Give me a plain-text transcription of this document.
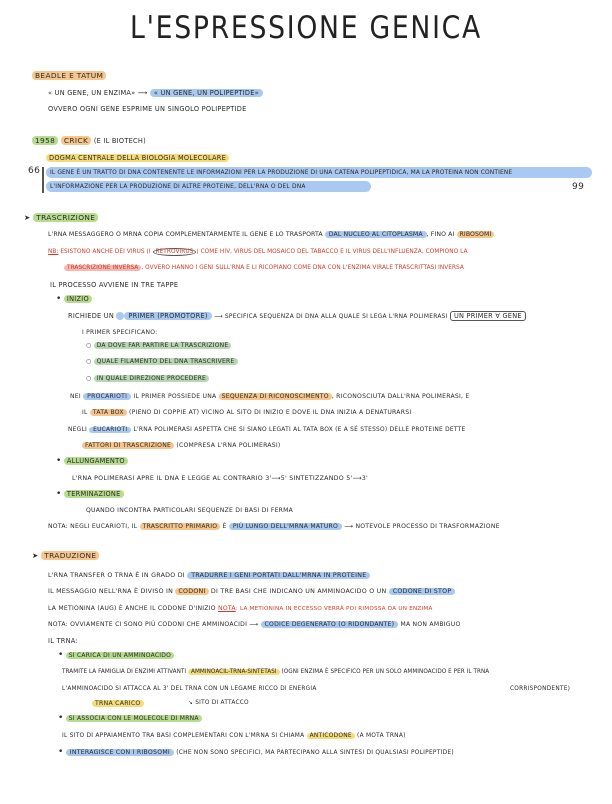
L'ESPRESSIONE GENICA
BEADLE E TATUM
« UN GENE, UN ENZIMA» ⟶ « UN GENE, UN POLIPEPTIDE»
OVVERO OGNI GENE ESPRIME UN SINGOLO POLIPEPTIDE
1958 CRICK (E IL BIOTECH)
DOGMA CENTRALE DELLA BIOLOGIA MOLECOLARE
66 IL GENE È UN TRATTO DI DNA CONTENENTE LE INFORMAZIONI PER LA PRODUZIONE DI UNA CATENA POLIPEPTIDICA, MA LA PROTEINA NON CONTIENE
L'INFORMAZIONE PER LA PRODUZIONE DI ALTRE PROTEINE, DELL'RNA O DEL DNA	99
➤ TRASCRIZIONE
L'RNA MESSAGGERO O MRNA COPIA COMPLEMENTARMENTE IL GENE E LO TRASPORTA DAL NUCLEO AL CITOPLASMA , FINO AI RIBOSOMI
NB: ESISTONO ANCHE DEI VIRUS (I RETROVIRUS ) COME HIV, VIRUS DEL MOSAICO DEL TABACCO E IL VIRUS DELL'INFLUENZA, COMPIONO LA
TRASCRIZIONE INVERSA , OVVERO HANNO I GENI SULL'RNA E LI RICOPIANO COME DNA CON L'ENZIMA VIRALE TRASCRITTASI INVERSA
IL PROCESSO AVVIENE IN TRE TAPPE
• INIZIO
RICHIEDE UN PRIMER (PROMOTORE) ⟶ SPECIFICA SEQUENZA DI DNA ALLA QUALE SI LEGA L'RNA POLIMERASI UN PRIMER ∀ GENE
I PRIMER SPECIFICANO:
○ DA DOVE FAR PARTIRE LA TRASCRIZIONE
○ QUALE FILAMENTO DEL DNA TRASCRIVERE
○ IN QUALE DIREZIONE PROCEDERE
NEI PROCARIOTI IL PRIMER POSSIEDE UNA SEQUENZA DI RICONOSCIMENTO , RICONOSCIUTA DALL'RNA POLIMERASI, E
IL TATA BOX (PIENO DI COPPIE AT) VICINO AL SITO DI INIZIO E DOVE IL DNA INIZIA A DENATURARSI
NEGLI EUCARIOTI L'RNA POLIMERASI ASPETTA CHE SI SIANO LEGATI AL TATA BOX (E A SÉ STESSO) DELLE PROTEINE DETTE
FATTORI DI TRASCRIZIONE (COMPRESA L'RNA POLIMERASI)
• ALLUNGAMENTO
L'RNA POLIMERASI APRE IL DNA E LEGGE AL CONTRARIO 3'⟶5' SINTETIZZANDO 5'⟶3'
• TERMINAZIONE
QUANDO INCONTRA PARTICOLARI SEQUENZE DI BASI DI FERMA
NOTA: NEGLI EUCARIOTI, IL TRASCRITTO PRIMARIO È PIÙ LUNGO DELL'MRNA MATURO ⟶ NOTEVOLE PROCESSO DI TRASFORMAZIONE
➤ TRADUZIONE
L'RNA TRANSFER O TRNA È IN GRADO DI TRADURRE I GENI PORTATI DALL'MRNA IN PROTEINE
IL MESSAGGIO NELL'RNA È DIVISO IN CODONI DI TRE BASI CHE INDICANO UN AMMINOACIDO O UN CODONE DI STOP
LA METIONINA (AUG) È ANCHE IL CODONE D'INIZIO NOTA: LA METIONINA IN ECCESSO VERRÀ POI RIMOSSA DA UN ENZIMA
NOTA: OVVIAMENTE CI SONO PIÙ CODONI CHE AMMINOACIDI ⟶ CODICE DEGENERATO (O RIDONDANTE) MA NON AMBIGUO
IL TRNA:
• SI CARICA DI UN AMMINOACIDO
TRAMITE LA FAMIGLIA DI ENZIMI ATTIVANTI AMMINOACIL-TRNA-SINTETASI (OGNI ENZIMA È SPECIFICO PER UN SOLO AMMINOACIDO E PER IL TRNA
L'AMMINOACIDO SI ATTACCA AL 3' DEL TRNA CON UN LEGAME RICCO DI ENERGIA	CORRISPONDENTE)
TRNA CARICO	↘ SITO DI ATTACCO
• SI ASSOCIA CON LE MOLECOLE DI MRNA
IL SITO DI APPAIAMENTO TRA BASI COMPLEMENTARI CON L'MRNA SI CHIAMA ANTICODONE (A MOTA TRNA)
• INTERAGISCE CON I RIBOSOMI (CHE NON SONO SPECIFICI, MA PARTECIPANO ALLA SINTESI DI QUALSIASI POLIPEPTIDE)
